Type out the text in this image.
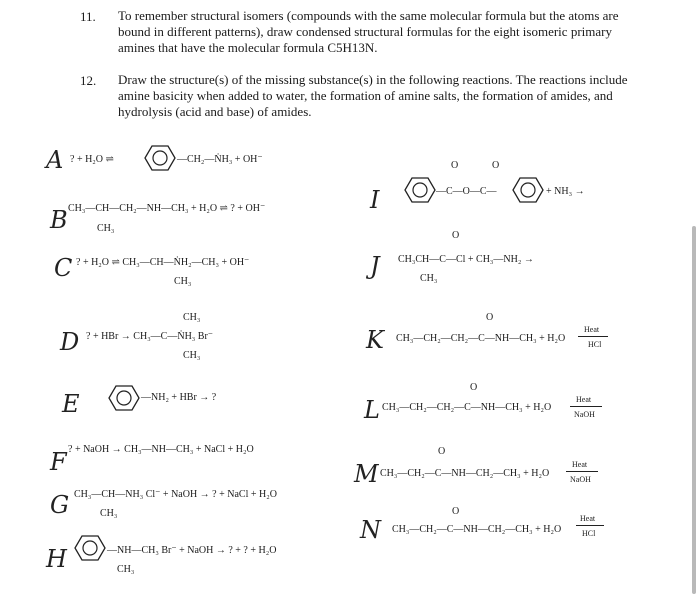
11. To remember structural isomers (compounds with the same molecular formula but the atoms are bound in different patterns), draw condensed structural formulas for the eight isomeric primary amines that have the molecular formula C5H13N.
12. Draw the structure(s) of the missing substance(s) in the following reactions. The reactions include amine basicity when added to water, the formation of amine salts, the formation of amides, and hydrolysis (acid and base) of amides.
A ? + H₂O ⇌	—CH₂—ṄH₃ + OH⁻
B CH₃—CH—CH₂—NH—CH₃ + H₂O ⇌ ? + OH⁻
CH₃
C ? + H₂O ⇌ CH₃—CH—ṄH₂—CH₃ + OH⁻
CH₃
D
CH₃
? + HBr → CH₃—C—ṄH₃ Br⁻
CH₃
E	—NH₂ + HBr → ?
F ? + NaOH → CH₃—NH—CH₃ + NaCl + H₂O
G CH₃—CH—NH₃ Cl⁻ + NaOH → ? + NaCl + H₂O
CH₃
H	—NH—CH₃ Br⁻ + NaOH → ? + ? + H₂O
CH₃
I
O	O
—C—O—C—	+ NH₃ →
J
O
CH₃CH—C—Cl + CH₃—NH₂ →
CH₃
K
O
CH₃—CH₂—CH₂—C—NH—CH₃ + H₂O
Heat
HCl
L
O
CH₃—CH₂—CH₂—C—NH—CH₃ + H₂O
Heat
NaOH
M
O
CH₃—CH₂—C—NH—CH₂—CH₃ + H₂O
Heat
NaOH
N
O
CH₃—CH₂—C—NH—CH₂—CH₃ + H₂O
Heat
HCl
